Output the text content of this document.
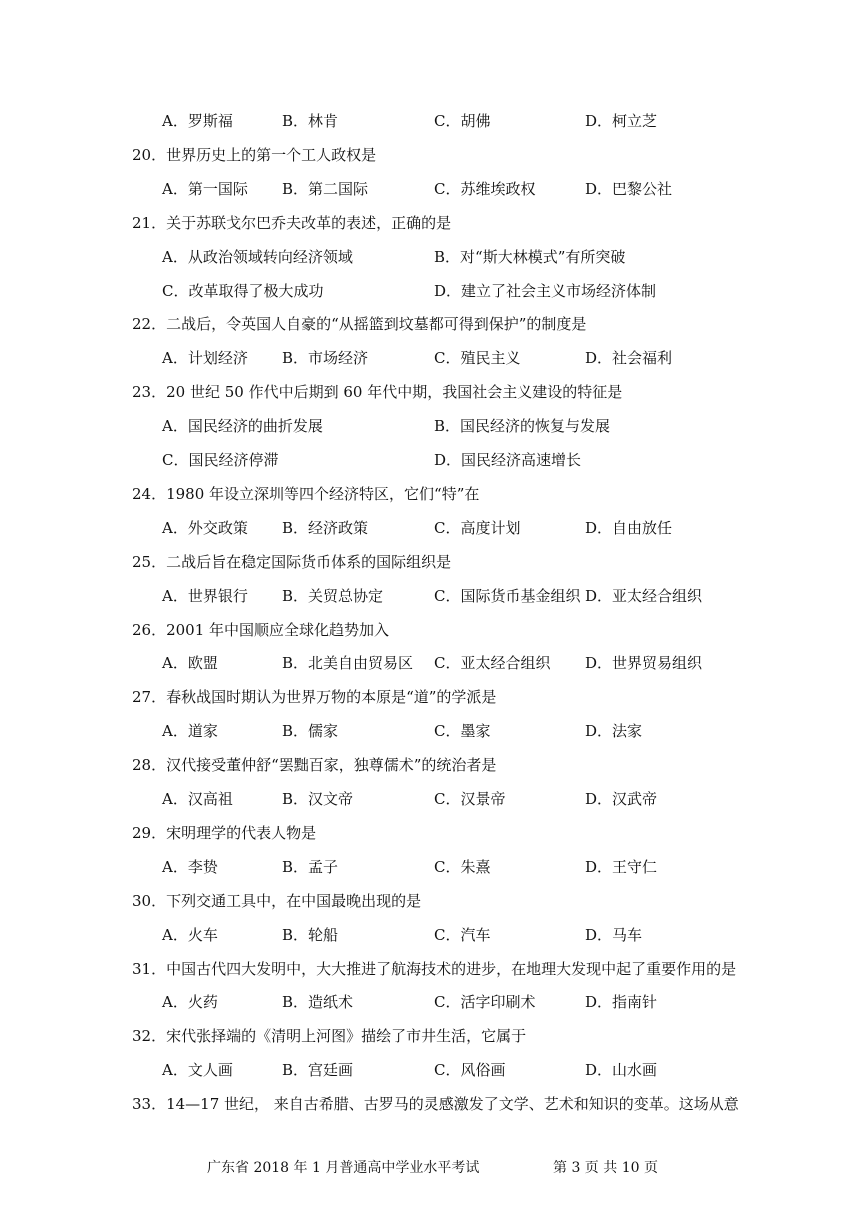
A．罗斯福	B．林肯	C．胡佛	D．柯立芝
20．世界历史上的第一个工人政权是
A．第一国际 B．第二国际	C．苏维埃政权	D．巴黎公社
21．关于苏联戈尔巴乔夫改革的表述，正确的是
A．从政治领域转向经济领域	B．对“斯大林模式”有所突破
C．改革取得了极大成功	D．建立了社会主义市场经济体制
22．二战后，令英国人自豪的“从摇篮到坟墓都可得到保护”的制度是
A．计划经济 B．市场经济	C．殖民主义	D．社会福利
23．20 世纪 50 作代中后期到 60 年代中期，我国社会主义建设的特征是
A．国民经济的曲折发展	B．国民经济的恢复与发展
C．国民经济停滞	D．国民经济高速增长
24．1980 年设立深圳等四个经济特区，它们“特”在
A．外交政策 B．经济政策	C．高度计划	D．自由放任
25．二战后旨在稳定国际货币体系的国际组织是
A．世界银行 B．关贸总协定	C．国际货币基金组织 D．亚太经合组织
26．2001 年中国顺应全球化趋势加入
A．欧盟	B．北美自由贸易区 C．亚太经合组织 D．世界贸易组织
27．春秋战国时期认为世界万物的本原是“道”的学派是
A．道家	B．儒家	C．墨家	D．法家
28．汉代接受董仲舒“罢黜百家，独尊儒术”的统治者是
A．汉高祖	B．汉文帝	C．汉景帝	D．汉武帝
29．宋明理学的代表人物是
A．李贽	B．孟子	C．朱熹	D．王守仁
30．下列交通工具中，在中国最晚出现的是
A．火车	B．轮船	C．汽车	D．马车
31．中国古代四大发明中，大大推进了航海技术的进步，在地理大发现中起了重要作用的是
A．火药	B．造纸术	C．活字印刷术	D．指南针
32．宋代张择端的《清明上河图》描绘了市井生活，它属于
A．文人画	B．宫廷画	C．风俗画	D．山水画
33．14—17 世纪， 来自古希腊、古罗马的灵感激发了文学、艺术和知识的变革。这场从意
广东省 2018 年 1 月普通高中学业水平考试	第 3 页 共 10 页
